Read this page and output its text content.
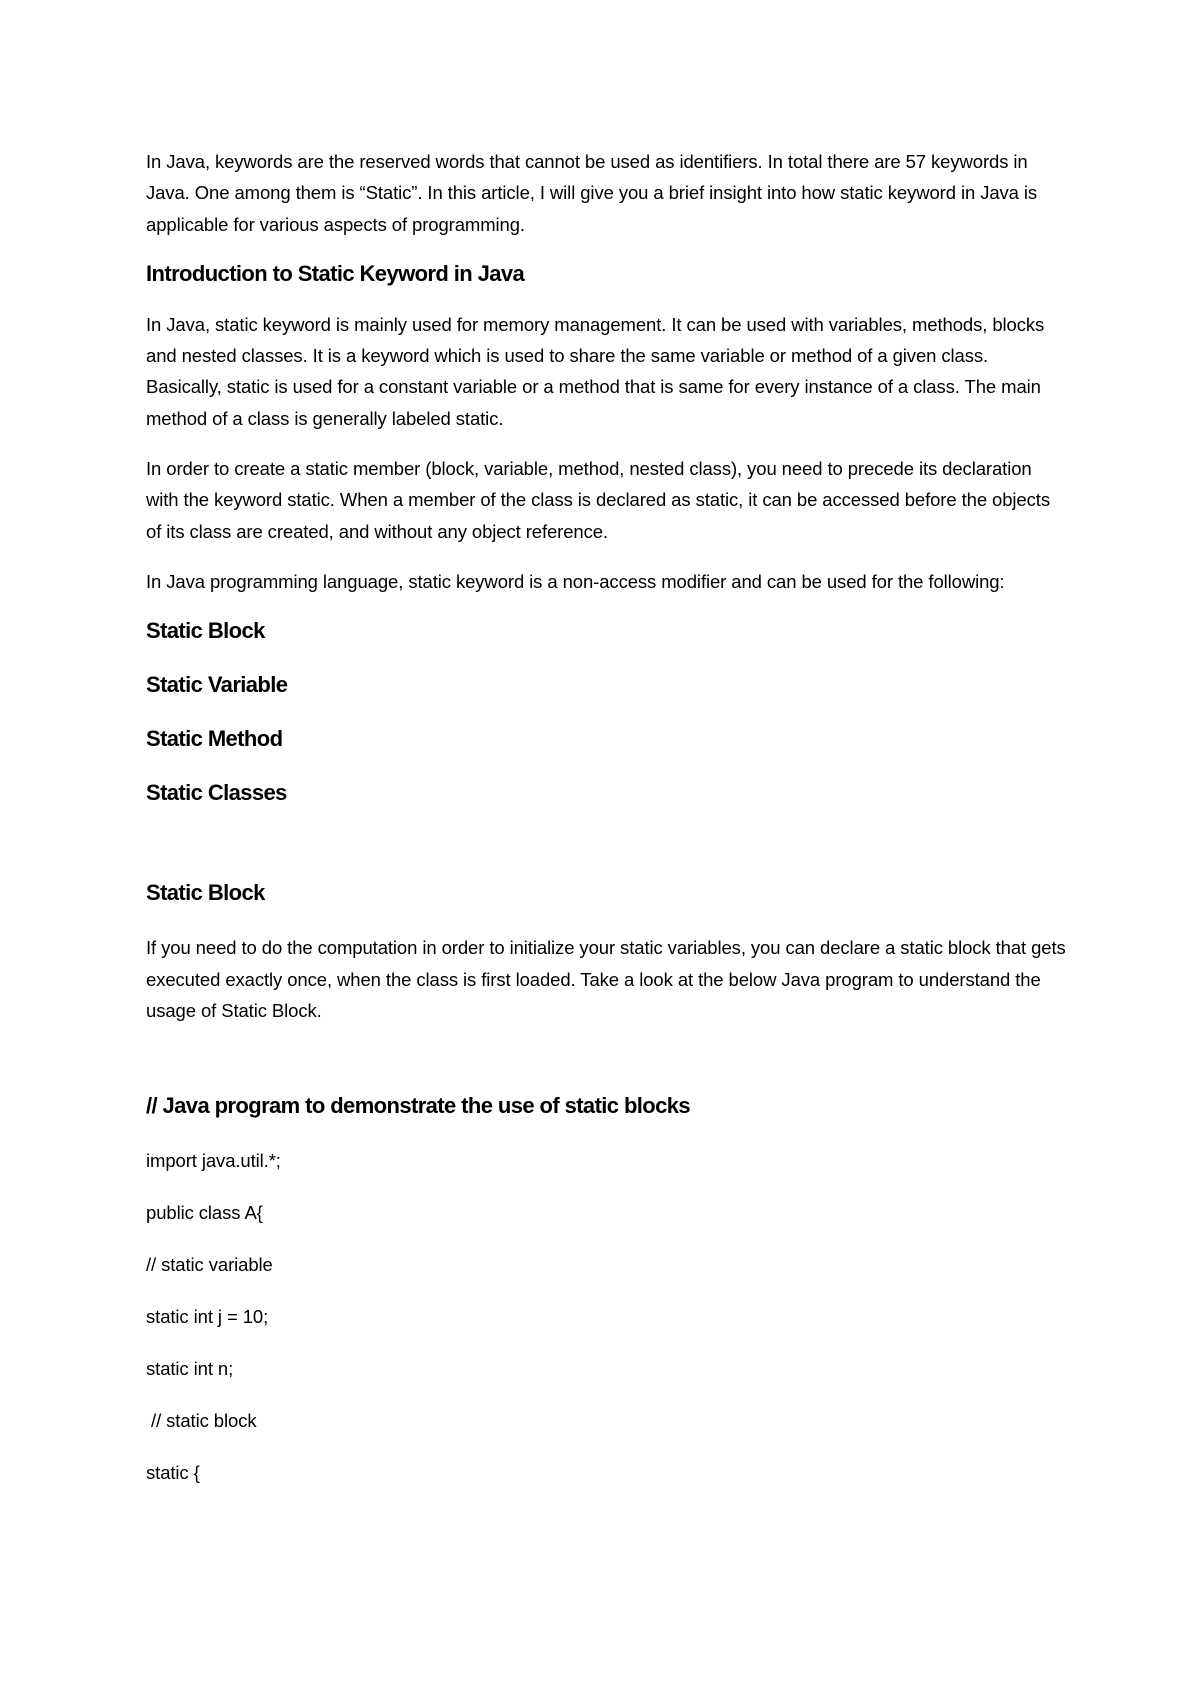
In Java, keywords are the reserved words that cannot be used as identifiers. In total there are 57 keywords in Java. One among them is “Static”. In this article, I will give you a brief insight into how static keyword in Java is applicable for various aspects of programming.

Introduction to Static Keyword in Java

In Java, static keyword is mainly used for memory management. It can be used with variables, methods, blocks and nested classes. It is a keyword which is used to share the same variable or method of a given class. Basically, static is used for a constant variable or a method that is same for every instance of a class. The main method of a class is generally labeled static.

In order to create a static member (block, variable, method, nested class), you need to precede its declaration with the keyword static. When a member of the class is declared as static, it can be accessed before the objects of its class are created, and without any object reference.

In Java programming language, static keyword is a non-access modifier and can be used for the following:

Static Block
Static Variable
Static Method
Static Classes
Static Block

If you need to do the computation in order to initialize your static variables, you can declare a static block that gets executed exactly once, when the class is first loaded. Take a look at the below Java program to understand the usage of Static Block.

// Java program to demonstrate the use of static blocks
import java.util.*;
public class A{
// static variable
static int j = 10;
static int n;
// static block
static {
